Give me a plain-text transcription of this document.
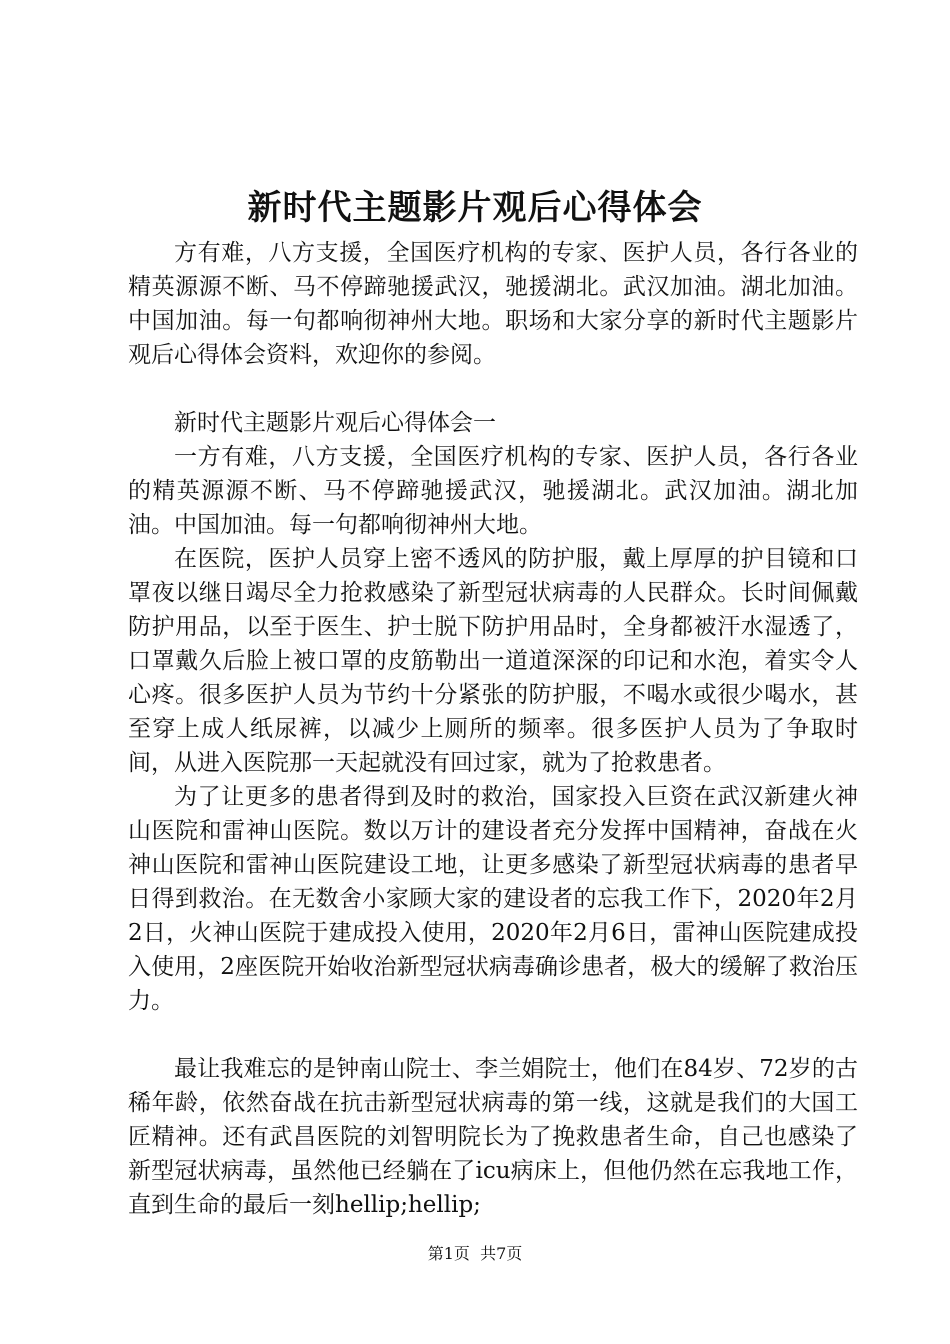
新时代主题影片观后心得体会

方有难，八方支援，全国医疗机构的专家、医护人员，各行各业的精英源源不断、马不停蹄驰援武汉，驰援湖北。武汉加油。湖北加油。中国加油。每一句都响彻神州大地。职场和大家分享的新时代主题影片观后心得体会资料，欢迎你的参阅。

新时代主题影片观后心得体会一

一方有难，八方支援，全国医疗机构的专家、医护人员，各行各业的精英源源不断、马不停蹄驰援武汉，驰援湖北。武汉加油。湖北加油。中国加油。每一句都响彻神州大地。

在医院，医护人员穿上密不透风的防护服，戴上厚厚的护目镜和口罩夜以继日竭尽全力抢救感染了新型冠状病毒的人民群众。长时间佩戴防护用品，以至于医生、护士脱下防护用品时，全身都被汗水湿透了，口罩戴久后脸上被口罩的皮筋勒出一道道深深的印记和水泡，着实令人心疼。很多医护人员为节约十分紧张的防护服，不喝水或很少喝水，甚至穿上成人纸尿裤，以减少上厕所的频率。很多医护人员为了争取时间，从进入医院那一天起就没有回过家，就为了抢救患者。

为了让更多的患者得到及时的救治，国家投入巨资在武汉新建火神山医院和雷神山医院。数以万计的建设者充分发挥中国精神，奋战在火神山医院和雷神山医院建设工地，让更多感染了新型冠状病毒的患者早日得到救治。在无数舍小家顾大家的建设者的忘我工作下，2020年2月2日，火神山医院于建成投入使用，2020年2月6日，雷神山医院建成投入使用，2座医院开始收治新型冠状病毒确诊患者，极大的缓解了救治压力。

最让我难忘的是钟南山院士、李兰娟院士，他们在84岁、72岁的古稀年龄，依然奋战在抗击新型冠状病毒的第一线，这就是我们的大国工匠精神。还有武昌医院的刘智明院长为了挽救患者生命，自己也感染了新型冠状病毒，虽然他已经躺在了icu病床上，但他仍然在忘我地工作，直到生命的最后一刻hellip;hellip;

第1页 共7页
